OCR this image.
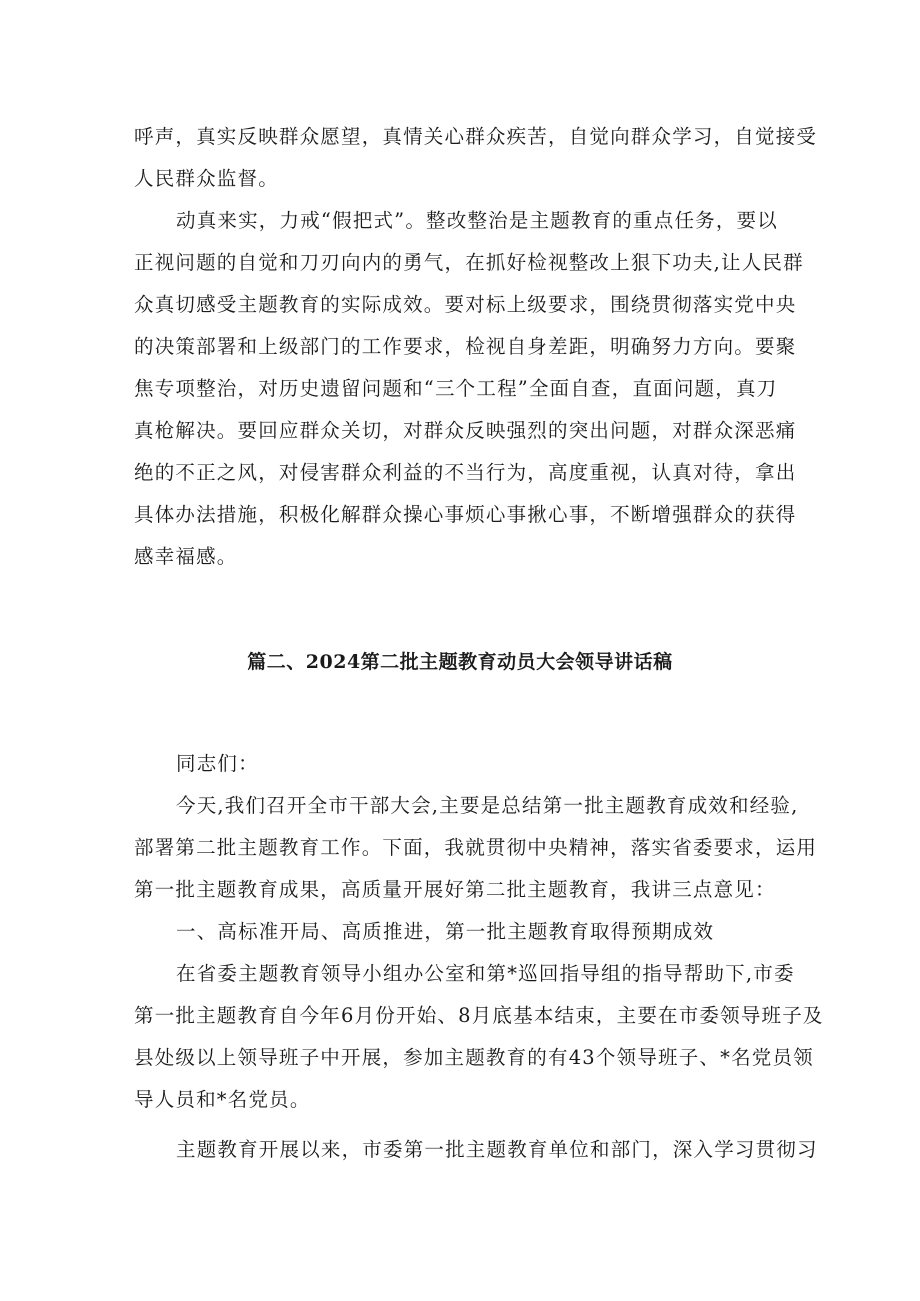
呼声，真实反映群众愿望，真情关心群众疾苦，自觉向群众学习，自觉接受
人民群众监督。
动真来实，力戒“假把式”。整改整治是主题教育的重点任务，要以
正视问题的自觉和刀刃向内的勇气，在抓好检视整改上狠下功夫,让人民群
众真切感受主题教育的实际成效。要对标上级要求，围绕贯彻落实党中央
的决策部署和上级部门的工作要求，检视自身差距，明确努力方向。要聚
焦专项整治，对历史遗留问题和“三个工程”全面自查，直面问题，真刀
真枪解决。要回应群众关切，对群众反映强烈的突出问题，对群众深恶痛
绝的不正之风，对侵害群众利益的不当行为，高度重视，认真对待，拿出
具体办法措施，积极化解群众操心事烦心事揪心事，不断增强群众的获得
感幸福感。
篇二、2024第二批主题教育动员大会领导讲话稿
同志们：
今天,我们召开全市干部大会,主要是总结第一批主题教育成效和经验,
部署第二批主题教育工作。下面，我就贯彻中央精神，落实省委要求，运用
第一批主题教育成果，高质量开展好第二批主题教育，我讲三点意见：
一、高标准开局、高质推进，第一批主题教育取得预期成效
在省委主题教育领导小组办公室和第*巡回指导组的指导帮助下,市委
第一批主题教育自今年6月份开始、8月底基本结束，主要在市委领导班子及
县处级以上领导班子中开展，参加主题教育的有43个领导班子、*名党员领
导人员和*名党员。
主题教育开展以来，市委第一批主题教育单位和部门，深入学习贯彻习
